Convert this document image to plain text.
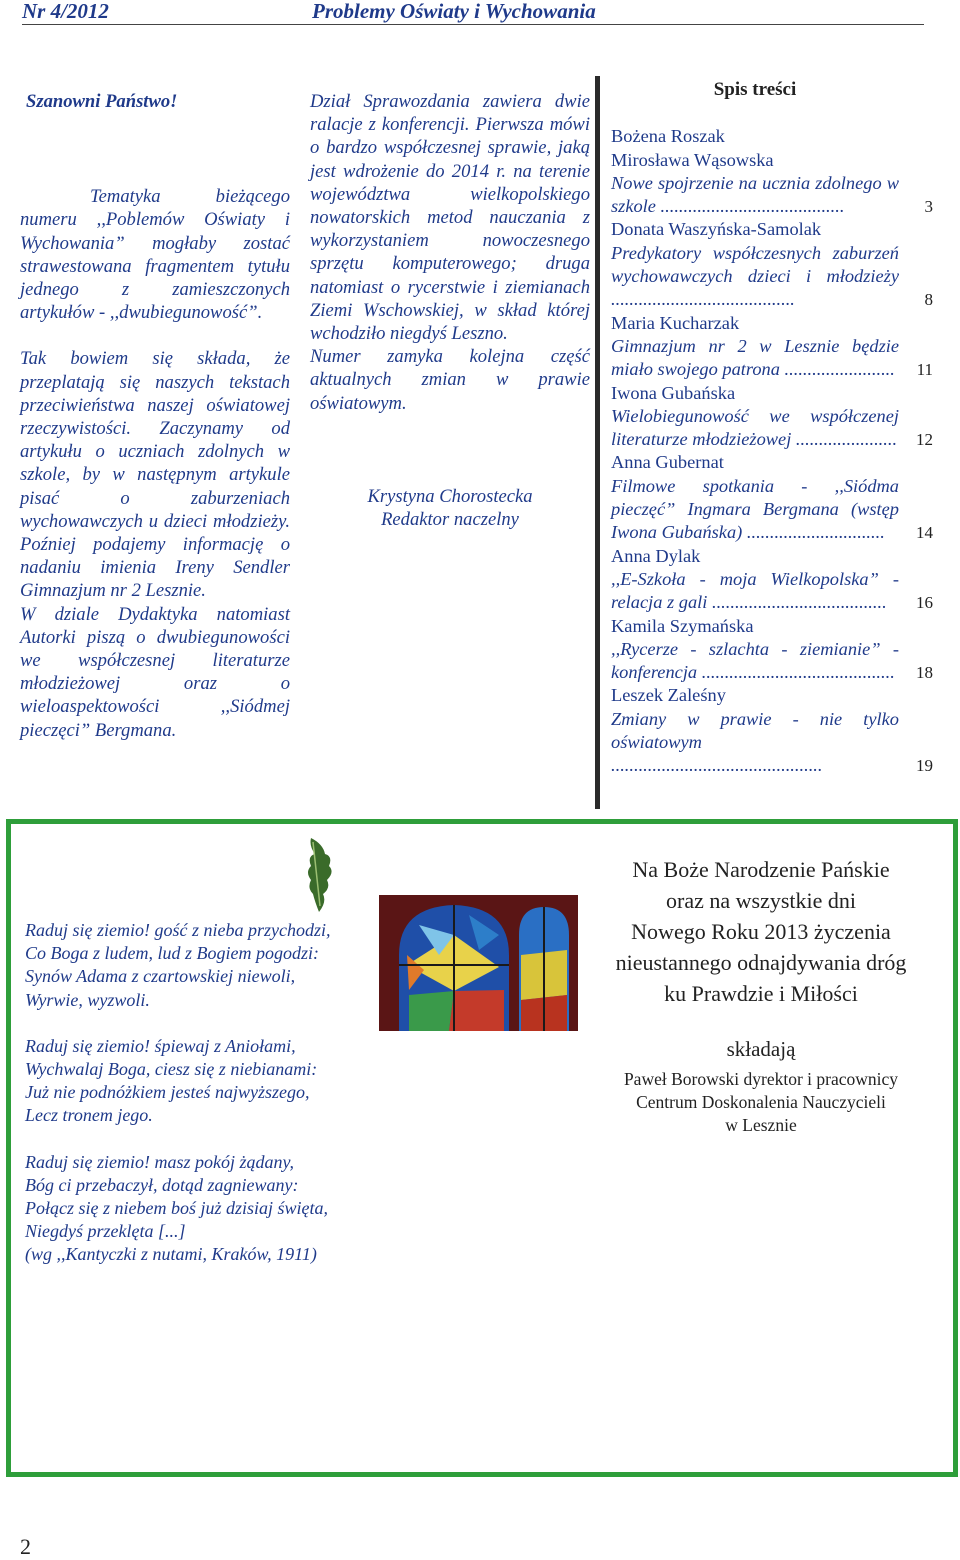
Nr 4/2012	Problemy Oświaty i Wychowania

Szanowni Państwo!

Tematyka bieżącego numeru ,,Poblemów Oświaty i Wychowania” mogłaby zostać strawestowana fragmentem tytułu jednego z zamieszczonych artykułów - ,,dwubiegunowość”.

Tak bowiem się składa, że przeplatają się naszych tekstach przeciwieństwa naszej oświatowej rzeczywistości. Zaczynamy od artykułu o uczniach zdolnych w szkole, by w następnym artykule pisać o zaburzeniach wychowawczych u dzieci młodzieży. Poźniej podajemy informację o nadaniu imienia Ireny Sendler Gimnazjum nr 2 Lesznie.

W dziale Dydaktyka natomiast Autorki piszą o dwubiegunowości we współczesnej literaturze młodzieżowej oraz o wieloaspektowości ,,Siódmej pieczęci” Bergmana.

Dział Sprawozdania zawiera dwie ralacje z konferencji. Pierwsza mówi o bardzo współczesnej sprawie, jaką jest wdrożenie do 2014 r. na terenie województwa wielkopolskiego nowatorskich metod nauczania z wykorzystaniem nowoczesnego sprzętu komputerowego; druga natomiast o rycerstwie i ziemianach Ziemi Wschowskiej, w skład której wchodziło niegdyś Leszno.

Numer zamyka kolejna część aktualnych zmian w prawie oświatowym.

Krystyna Chorostecka
Redaktor naczelny

Spis treści
Bożena Roszak
Mirosława Wąsowska
Nowe spojrzenie na ucznia zdolnego w szkole ........................................	3
Donata Waszyńska-Samolak
Predykatory współczesnych zaburzeń wychowawczych dzieci i młodzieży ........................................	8
Maria Kucharzak
Gimnazjum nr 2 w Lesznie będzie miało swojego patrona ........................ 11
Iwona Gubańska
Wielobiegunowość we współczenej literaturze młodzieżowej ...................... 12
Anna Gubernat
Filmowe spotkania - ,,Siódma pieczęć” Ingmara Bergmana (wstęp Iwona Gubańska) ..............................	14
Anna Dylak
,,E-Szkoła - moja Wielkopolska” - relacja z gali ......................................	16
Kamila Szymańska
,,Rycerze - szlachta - ziemianie” - konferencja .......................................... 18
Leszek Zaleśny
Zmiany w prawie - nie tylko oświatowym ..............................................	19
Raduj się ziemio! gość z nieba przychodzi,
Co Boga z ludem, lud z Bogiem pogodzi:
Synów Adama z czartowskiej niewoli,
Wyrwie, wyzwoli.
Raduj się ziemio! śpiewaj z Aniołami,
Wychwalaj Boga, ciesz się z niebianami:
Już nie podnóżkiem jesteś najwyższego,
Lecz tronem jego.
Raduj się ziemio! masz pokój żądany,
Bóg ci przebaczył, dotąd zagniewany:
Połącz się z niebem boś już dzisiaj święta,
Niegdyś przeklęta [...]
(wg ,,Kantyczki z nutami, Kraków, 1911)
Na Boże Narodzenie Pańskie
oraz na wszystkie dni
Nowego Roku 2013 życzenia
nieustannego odnajdywania dróg
ku Prawdzie i Miłości
składają
Paweł Borowski dyrektor i pracownicy
Centrum Doskonalenia Nauczycieli
w Lesznie
2
